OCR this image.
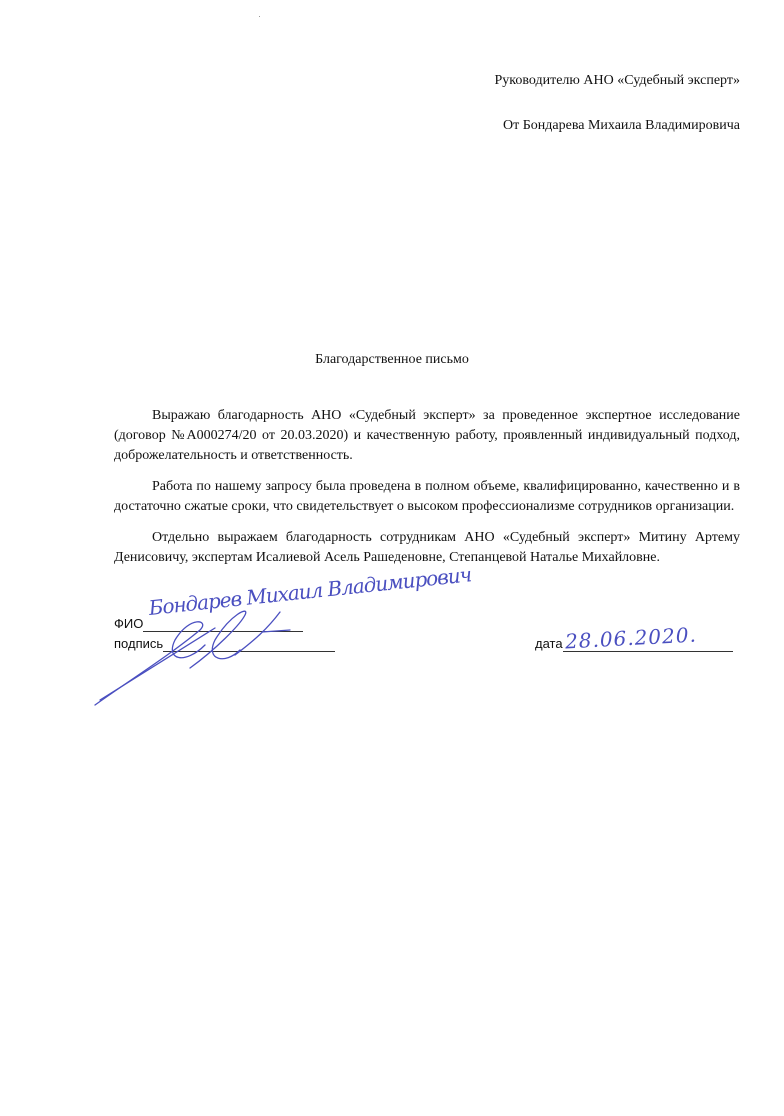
Руководителю АНО «Судебный эксперт»
От Бондарева Михаила Владимировича
Благодарственное письмо

Выражаю благодарность АНО «Судебный эксперт» за проведенное экспертное исследование (договор №А000274/20 от 20.03.2020) и качественную работу, проявленный индивидуальный подход, доброжелательность и ответственность.

Работа по нашему запросу была проведена в полном объеме, квалифицированно, качественно и в достаточно сжатые сроки, что свидетельствует о высоком профессионализме сотрудников организации.

Отдельно выражаем благодарность сотрудникам АНО «Судебный эксперт» Митину Артему Денисовичу, экспертам Исалиевой Асель Рашеденовне, Степанцевой Наталье Михайловне.

ФИО
подпись	дата
Бондарев Михаил Владимирович
28.06.2020.
